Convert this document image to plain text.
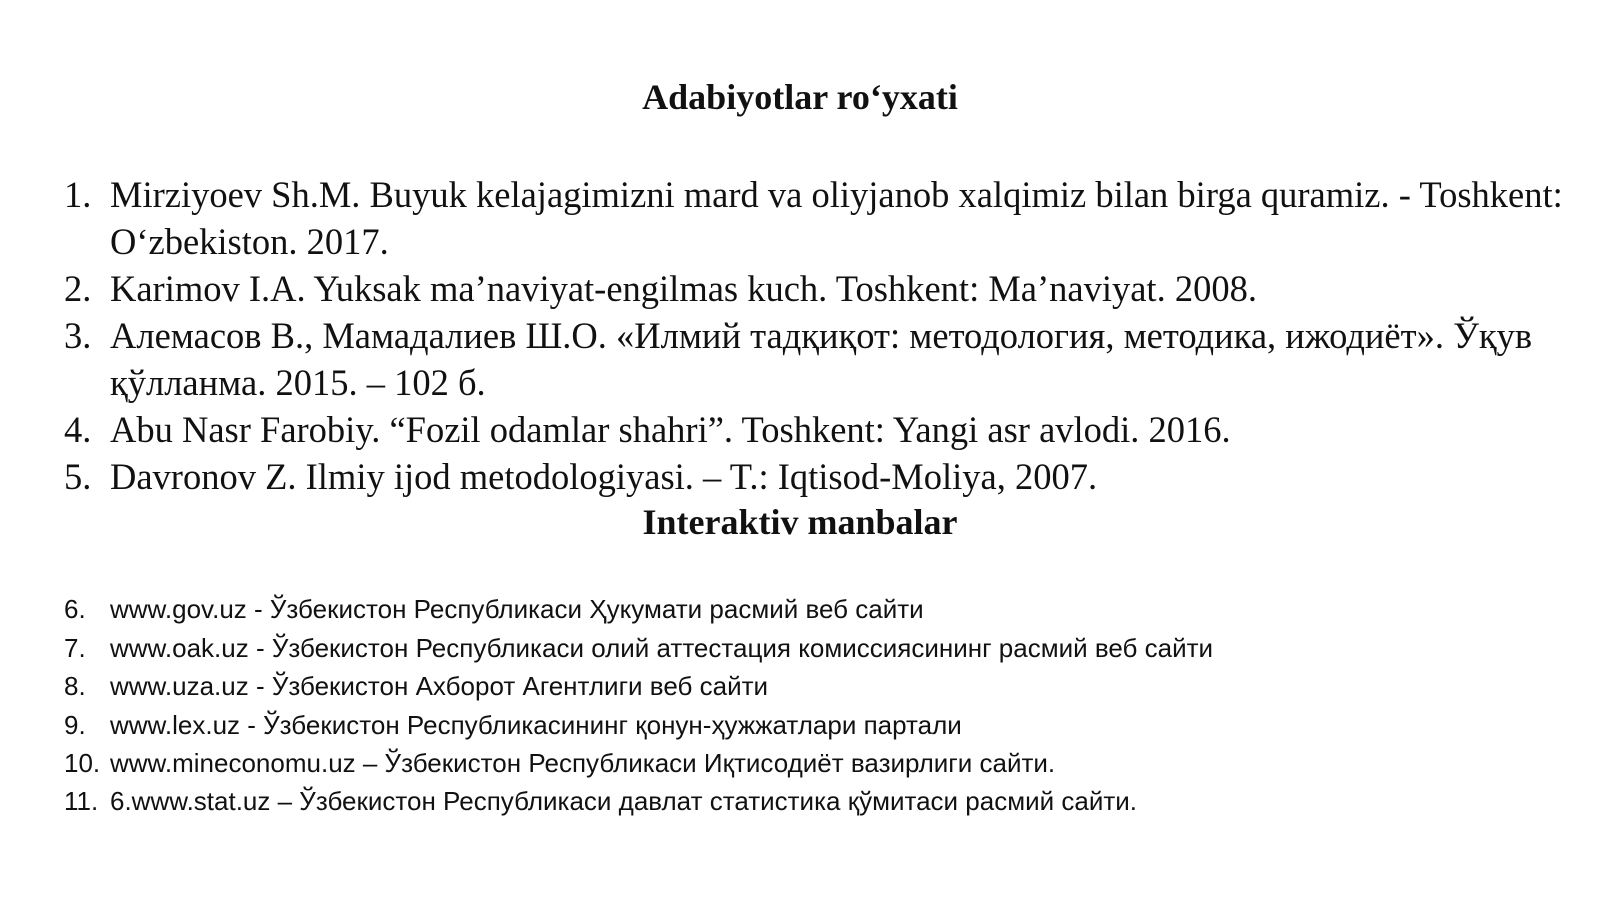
Adabiyotlar ro‘yxati
1. Mirziyoev Sh.M. Buyuk kelajagimizni mard va oliyjanob xalqimiz bilan birga quramiz. - Toshkent: O‘zbekiston. 2017.
2. Karimov I.A. Yuksak ma’naviyat-engilmas kuch. Toshkent: Ma’naviyat. 2008.
3. Алемасов В., Мамадалиев Ш.О. «Илмий тадқиқот: методология, методика, ижодиёт». Ўқув қўлланма. 2015. – 102 б.
4. Abu Nasr Farobiy. “Fozil odamlar shahri”. Toshkent: Yangi asr avlodi. 2016.
5. Davronov Z. Ilmiy ijod metodologiyasi. – T.: Iqtisod-Moliya, 2007.
Interaktiv manbalar
6. www.gov.uz - Ўзбекистон Республикаси Ҳукумати расмий веб сайти
7. www.oak.uz - Ўзбекистон Республикаси олий аттестация комиссиясининг расмий веб сайти
8. www.uza.uz - Ўзбекистон Ахборот Агентлиги веб сайти
9. www.lex.uz - Ўзбекистон Республикасининг қонун-ҳужжатлари партали
10. www.mineconomu.uz – Ўзбекистон Республикаси Иқтисодиёт вазирлиги сайти.
11. 6.www.stat.uz – Ўзбекистон Республикаси давлат статистика қўмитаси расмий сайти.
